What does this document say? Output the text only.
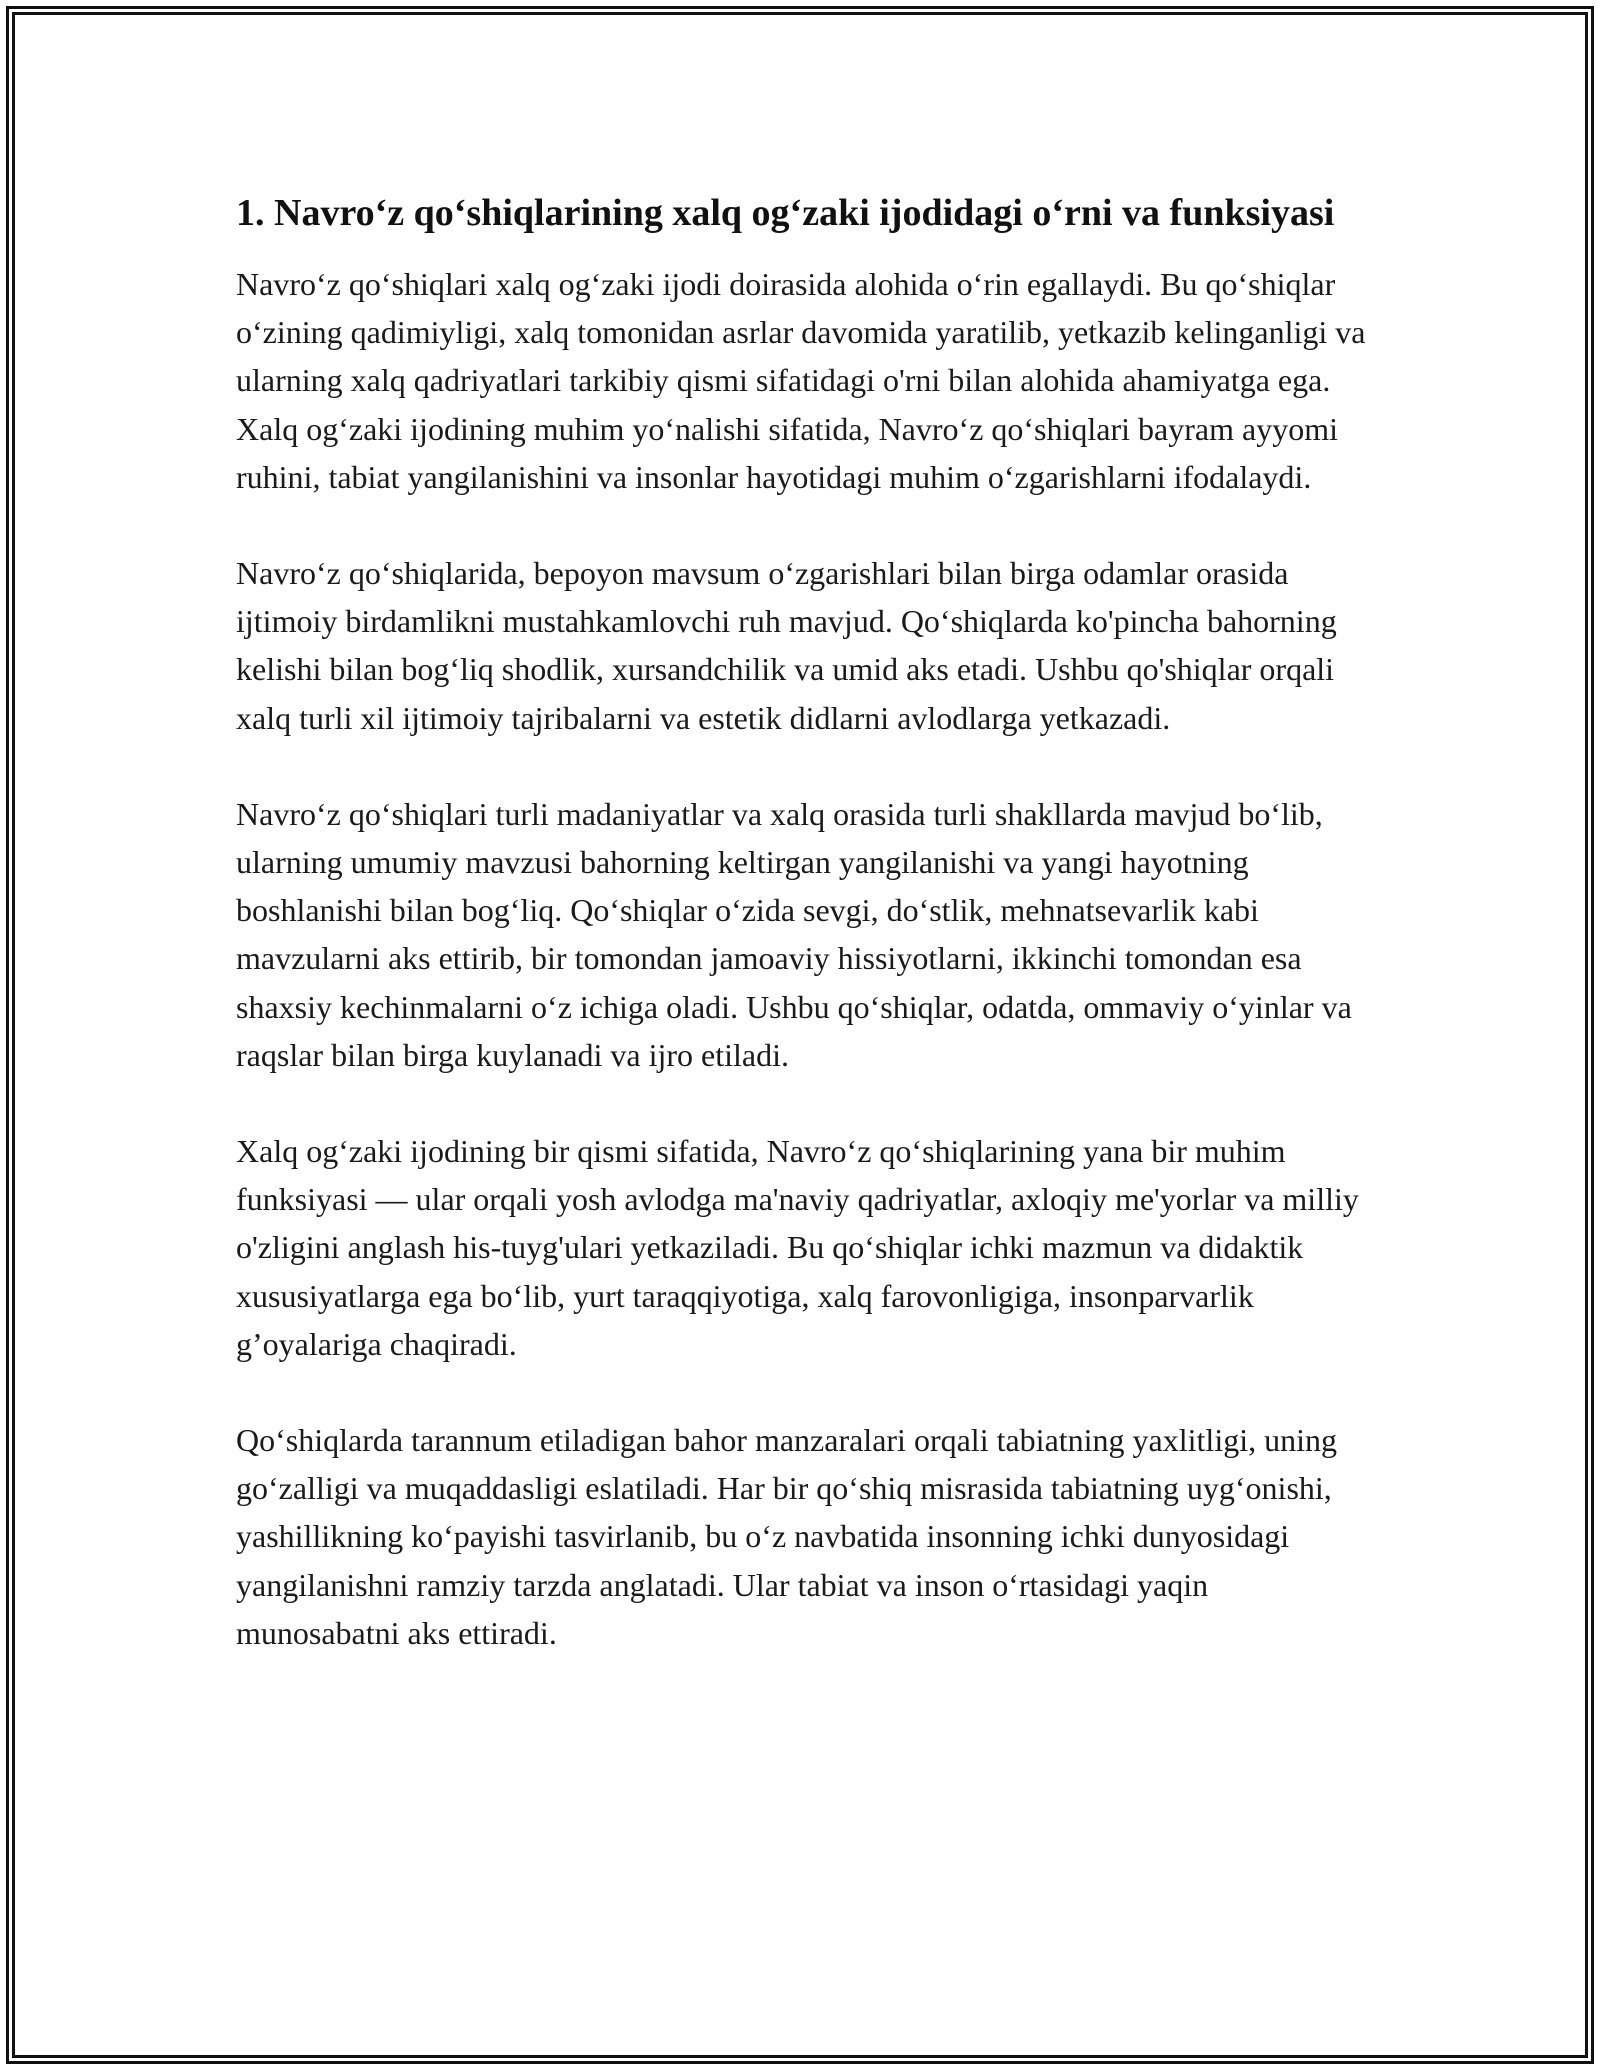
1. Navro‘z qo‘shiqlarining xalq og‘zaki ijodidagi o‘rni va funksiyasi

Navro‘z qo‘shiqlari xalq og‘zaki ijodi doirasida alohida o‘rin egallaydi. Bu qo‘shiqlar o‘zining qadimiyligi, xalq tomonidan asrlar davomida yaratilib, yetkazib kelinganligi va ularning xalq qadriyatlari tarkibiy qismi sifatidagi o'rni bilan alohida ahamiyatga ega. Xalq og‘zaki ijodining muhim yo‘nalishi sifatida, Navro‘z qo‘shiqlari bayram ayyomi ruhini, tabiat yangilanishini va insonlar hayotidagi muhim o‘zgarishlarni ifodalaydi.

Navro‘z qo‘shiqlarida, bepoyon mavsum o‘zgarishlari bilan birga odamlar orasida ijtimoiy birdamlikni mustahkamlovchi ruh mavjud. Qo‘shiqlarda ko'pincha bahorning kelishi bilan bog‘liq shodlik, xursandchilik va umid aks etadi. Ushbu qo'shiqlar orqali xalq turli xil ijtimoiy tajribalarni va estetik didlarni avlodlarga yetkazadi.

Navro‘z qo‘shiqlari turli madaniyatlar va xalq orasida turli shakllarda mavjud bo‘lib, ularning umumiy mavzusi bahorning keltirgan yangilanishi va yangi hayotning boshlanishi bilan bog‘liq. Qo‘shiqlar o‘zida sevgi, do‘stlik, mehnatsevarlik kabi mavzularni aks ettirib, bir tomondan jamoaviy hissiyotlarni, ikkinchi tomondan esa shaxsiy kechinmalarni o‘z ichiga oladi. Ushbu qo‘shiqlar, odatda, ommaviy o‘yinlar va raqslar bilan birga kuylanadi va ijro etiladi.

Xalq og‘zaki ijodining bir qismi sifatida, Navro‘z qo‘shiqlarining yana bir muhim funksiyasi — ular orqali yosh avlodga ma'naviy qadriyatlar, axloqiy me'yorlar va milliy o'zligini anglash his-tuyg'ulari yetkaziladi. Bu qo‘shiqlar ichki mazmun va didaktik xususiyatlarga ega bo‘lib, yurt taraqqiyotiga, xalq farovonligiga, insonparvarlik g’oyalariga chaqiradi.

Qo‘shiqlarda tarannum etiladigan bahor manzaralari orqali tabiatning yaxlitligi, uning go‘zalligi va muqaddasligi eslatiladi. Har bir qo‘shiq misrasida tabiatning uyg‘onishi, yashillikning ko‘payishi tasvirlanib, bu o‘z navbatida insonning ichki dunyosidagi yangilanishni ramziy tarzda anglatadi. Ular tabiat va inson o‘rtasidagi yaqin munosabatni aks ettiradi.
